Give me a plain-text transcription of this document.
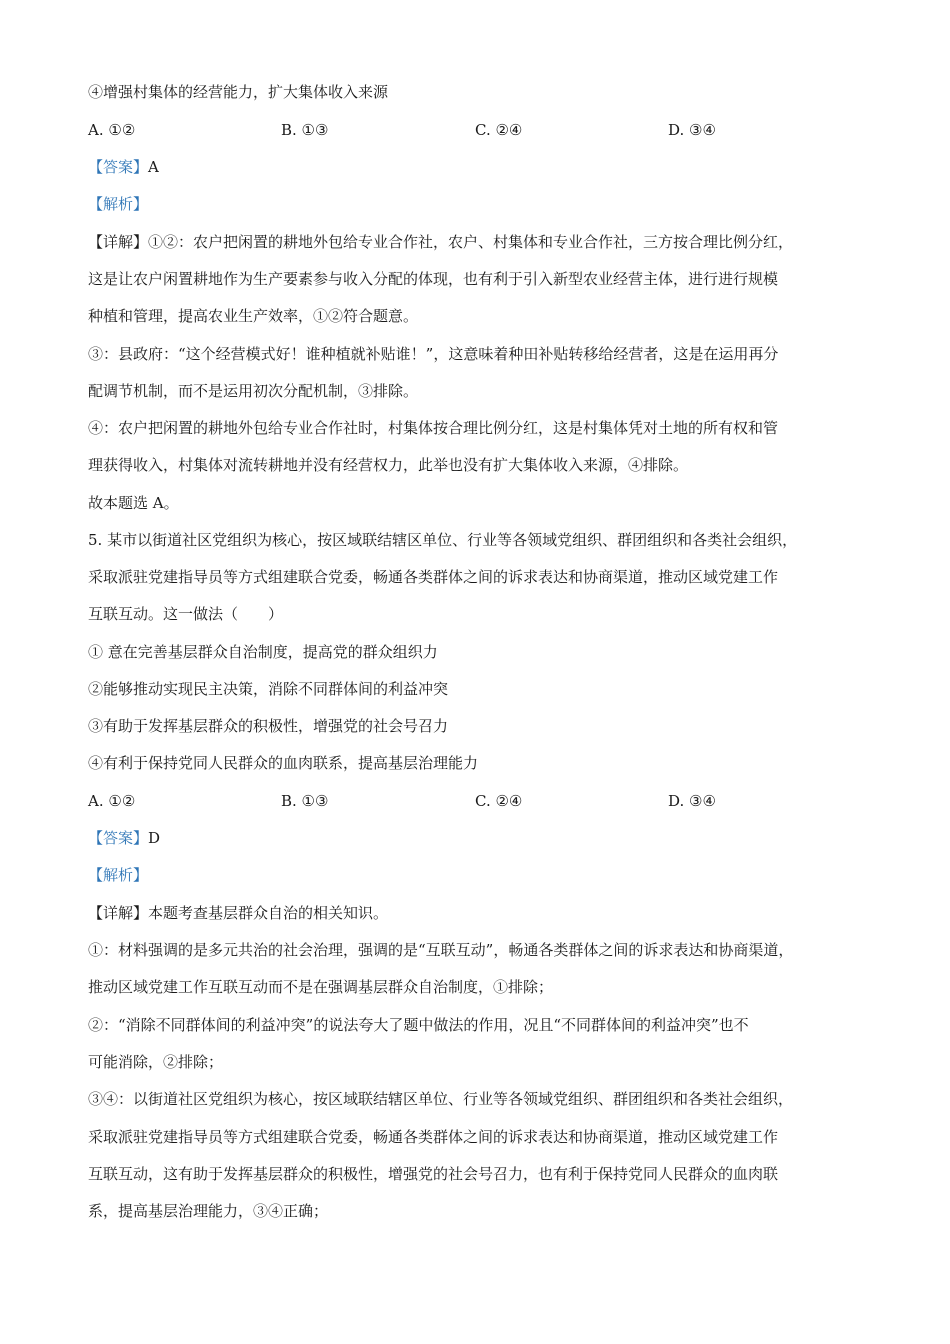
④增强村集体的经营能力，扩大集体收入来源
A. ①②	B. ①③	C. ②④	D. ③④
【答案】A
【解析】
【详解】①②：农户把闲置的耕地外包给专业合作社，农户、村集体和专业合作社，三方按合理比例分红，
这是让农户闲置耕地作为生产要素参与收入分配的体现，也有利于引入新型农业经营主体，进行进行规模
种植和管理，提高农业生产效率，①②符合题意。
③：县政府：“这个经营模式好！谁种植就补贴谁！”，这意味着种田补贴转移给经营者，这是在运用再分
配调节机制，而不是运用初次分配机制，③排除。
④：农户把闲置的耕地外包给专业合作社时，村集体按合理比例分红，这是村集体凭对土地的所有权和管
理获得收入，村集体对流转耕地并没有经营权力，此举也没有扩大集体收入来源，④排除。
故本题选 A。
5. 某市以街道社区党组织为核心，按区域联结辖区单位、行业等各领域党组织、群团组织和各类社会组织，
采取派驻党建指导员等方式组建联合党委，畅通各类群体之间的诉求表达和协商渠道，推动区域党建工作
互联互动。这一做法（　　）
① 意在完善基层群众自治制度，提高党的群众组织力
②能够推动实现民主决策，消除不同群体间的利益冲突
③有助于发挥基层群众的积极性，增强党的社会号召力
④有利于保持党同人民群众的血肉联系，提高基层治理能力
A. ①②	B. ①③	C. ②④	D. ③④
【答案】D
【解析】
【详解】本题考查基层群众自治的相关知识。
①：材料强调的是多元共治的社会治理，强调的是“互联互动”，畅通各类群体之间的诉求表达和协商渠道，
推动区域党建工作互联互动而不是在强调基层群众自治制度，①排除；
②：“消除不同群体间的利益冲突”的说法夸大了题中做法的作用，况且“不同群体间的利益冲突”也不
可能消除，②排除；
③④：以街道社区党组织为核心，按区域联结辖区单位、行业等各领域党组织、群团组织和各类社会组织，
采取派驻党建指导员等方式组建联合党委，畅通各类群体之间的诉求表达和协商渠道，推动区域党建工作
互联互动，这有助于发挥基层群众的积极性，增强党的社会号召力，也有利于保持党同人民群众的血肉联
系，提高基层治理能力，③④正确；
